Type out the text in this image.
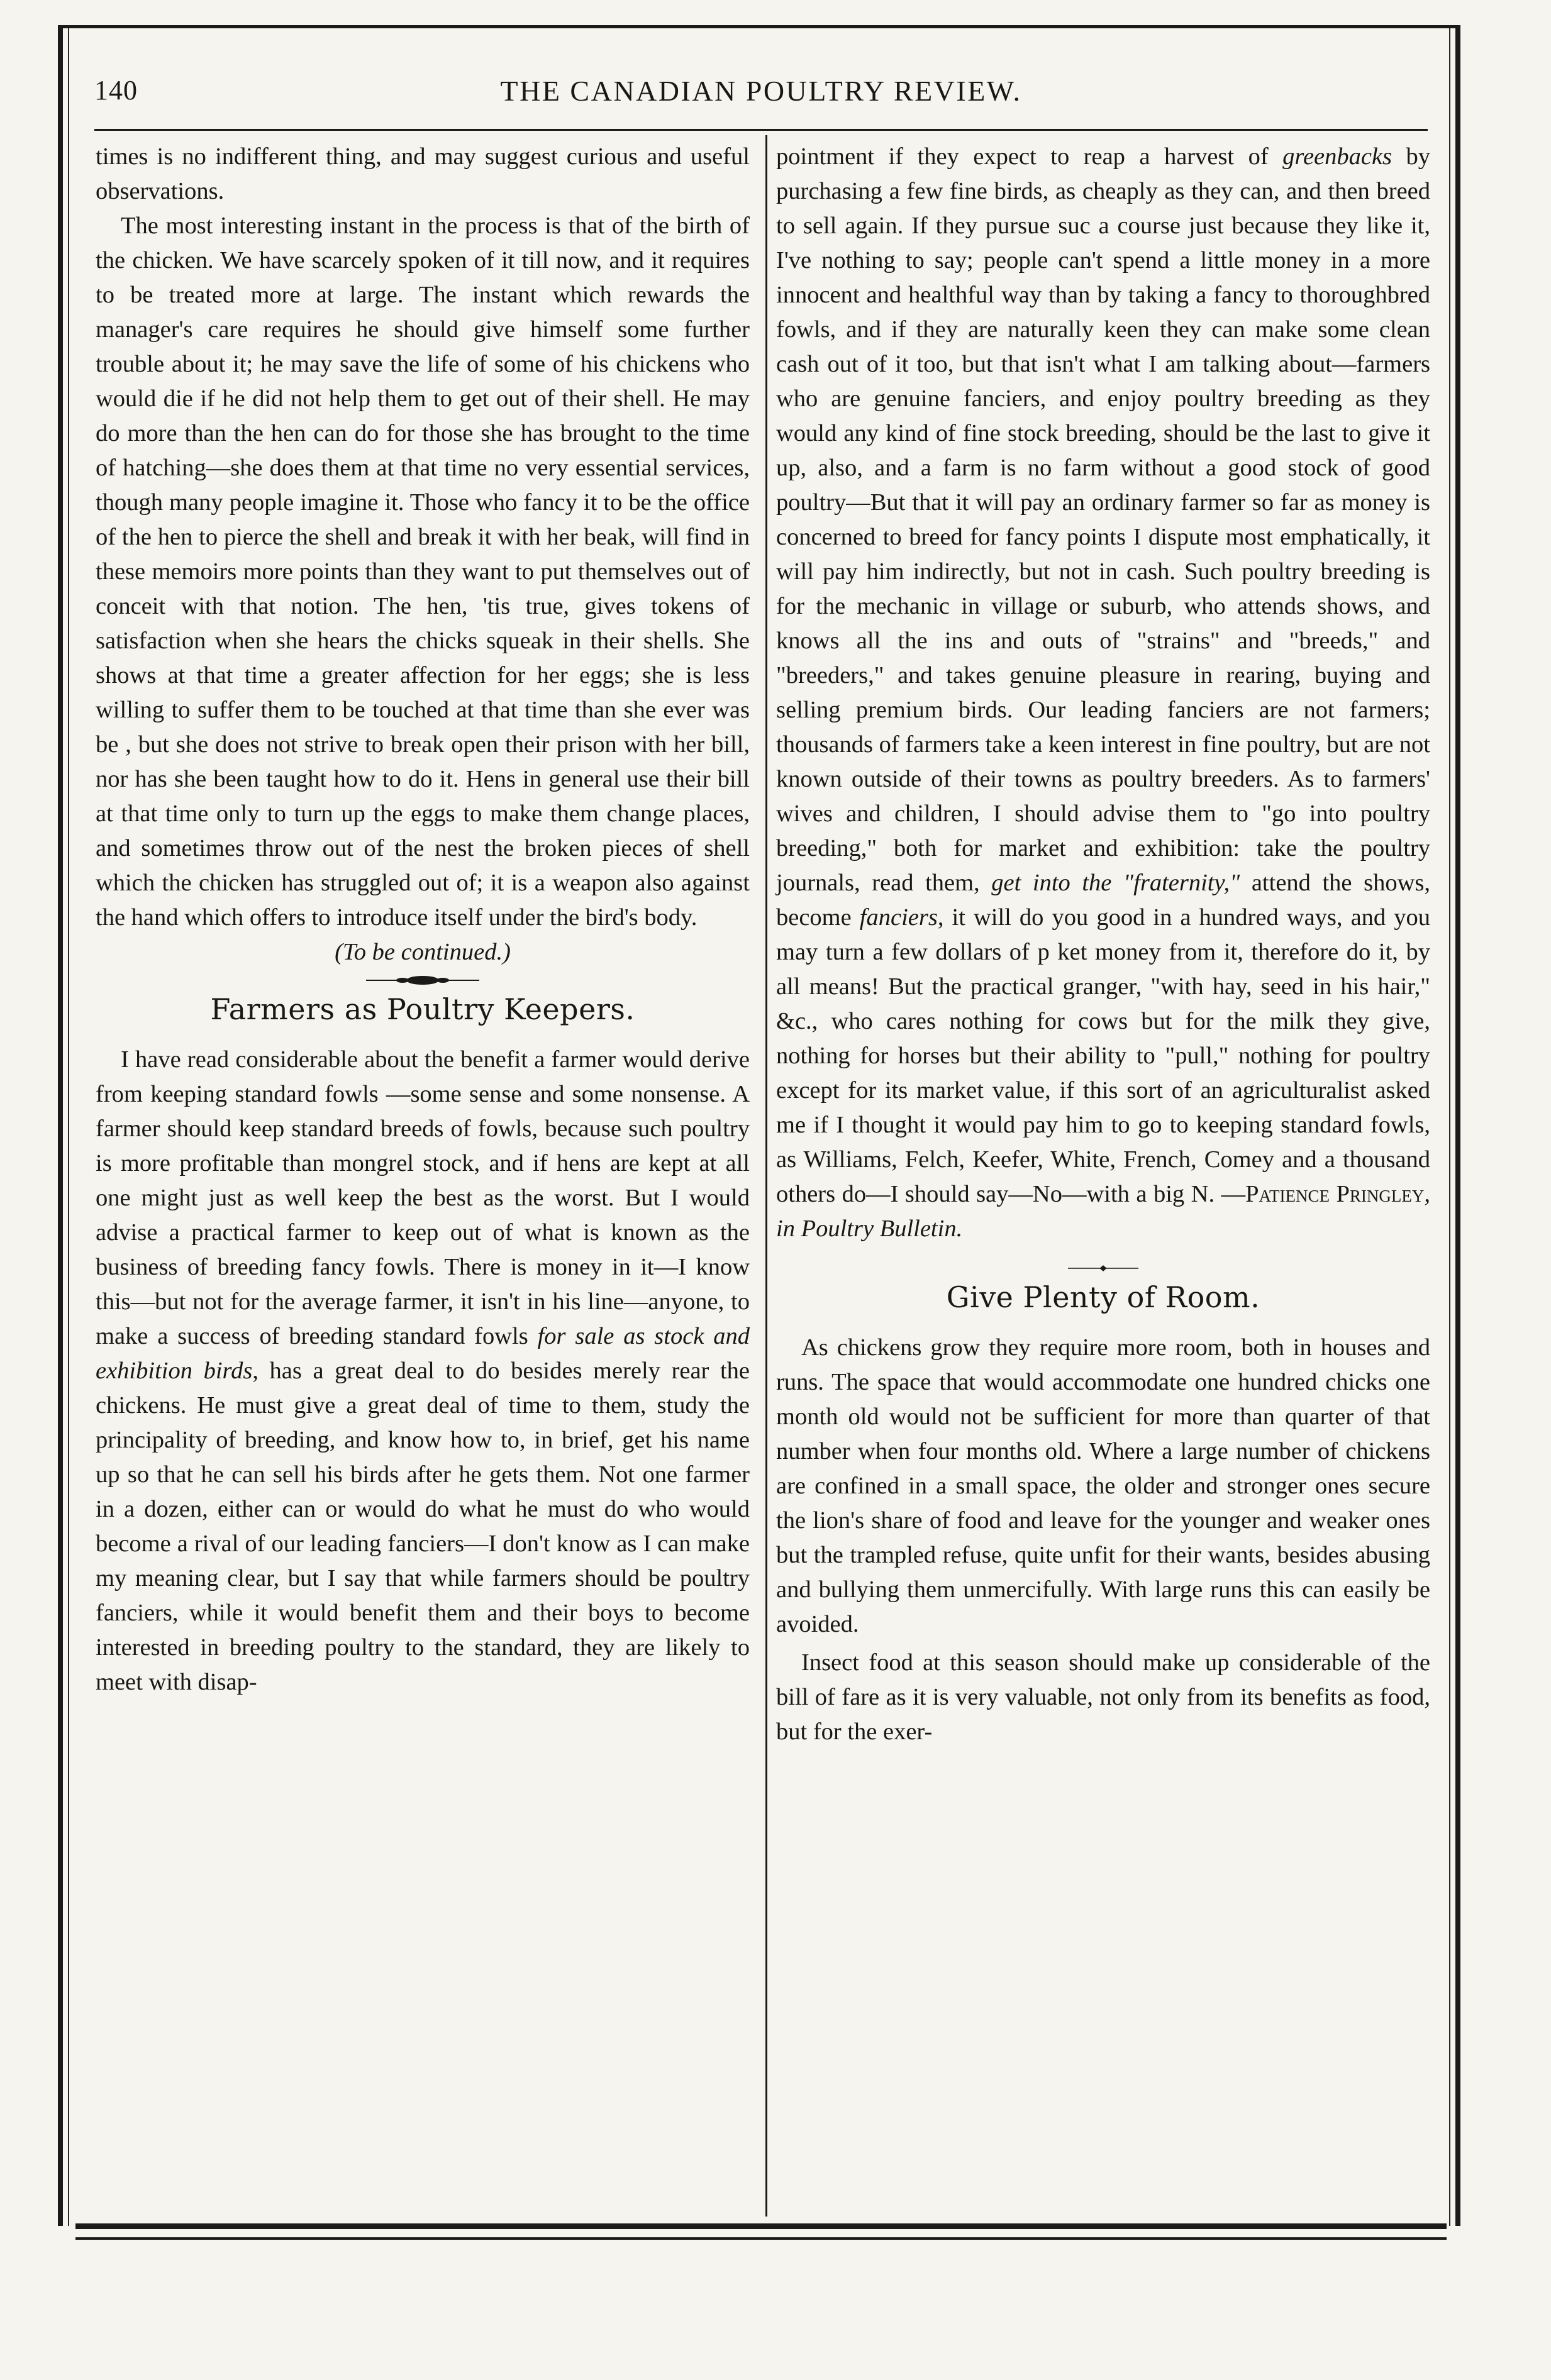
140	THE CANADIAN POULTRY REVIEW.

times is no indifferent thing, and may suggest curious and useful observations.

The most interesting instant in the process is that of the birth of the chicken. We have scarcely spoken of it till now, and it requires to be treated more at large. The instant which rewards the manager's care requires he should give himself some further trouble about it; he may save the life of some of his chickens who would die if he did not help them to get out of their shell. He may do more than the hen can do for those she has brought to the time of hatching—she does them at that time no very essential services, though many people imagine it. Those who fancy it to be the office of the hen to pierce the shell and break it with her beak, will find in these memoirs more points than they want to put themselves out of conceit with that notion. The hen, 'tis true, gives tokens of satisfaction when she hears the chicks squeak in their shells. She shows at that time a greater affection for her eggs; she is less willing to suffer them to be touched at that time than she ever was be , but she does not strive to break open their prison with her bill, nor has she been taught how to do it. Hens in general use their bill at that time only to turn up the eggs to make them change places, and sometimes throw out of the nest the broken pieces of shell which the chicken has struggled out of; it is a weapon also against the hand which offers to introduce itself under the bird's body.

(To be continued.)

Farmers as Poultry Keepers.

I have read considerable about the benefit a farmer would derive from keeping standard fowls —some sense and some nonsense. A farmer should keep standard breeds of fowls, because such poultry is more profitable than mongrel stock, and if hens are kept at all one might just as well keep the best as the worst. But I would advise a practical farmer to keep out of what is known as the business of breeding fancy fowls. There is money in it—I know this—but not for the average farmer, it isn't in his line—anyone, to make a success of breeding standard fowls for sale as stock and exhibition birds, has a great deal to do besides merely rear the chickens. He must give a great deal of time to them, study the principality of breeding, and know how to, in brief, get his name up so that he can sell his birds after he gets them. Not one farmer in a dozen, either can or would do what he must do who would become a rival of our leading fanciers—I don't know as I can make my meaning clear, but I say that while farmers should be poultry fanciers, while it would benefit them and their boys to become interested in breeding poultry to the standard, they are likely to meet with disap-

pointment if they expect to reap a harvest of greenbacks by purchasing a few fine birds, as cheaply as they can, and then breed to sell again. If they pursue suc a course just because they like it, I've nothing to say; people can't spend a little money in a more innocent and healthful way than by taking a fancy to thoroughbred fowls, and if they are naturally keen they can make some clean cash out of it too, but that isn't what I am talking about—farmers who are genuine fanciers, and enjoy poultry breeding as they would any kind of fine stock breeding, should be the last to give it up, also, and a farm is no farm without a good stock of good poultry—But that it will pay an ordinary farmer so far as money is concerned to breed for fancy points I dispute most emphatically, it will pay him indirectly, but not in cash. Such poultry breeding is for the mechanic in village or suburb, who attends shows, and knows all the ins and outs of "strains" and "breeds," and "breeders," and takes genuine pleasure in rearing, buying and selling premium birds. Our leading fanciers are not farmers; thousands of farmers take a keen interest in fine poultry, but are not known outside of their towns as poultry breeders. As to farmers' wives and children, I should advise them to "go into poultry breeding," both for market and exhibition: take the poultry journals, read them, get into the "fraternity," attend the shows, become fanciers, it will do you good in a hundred ways, and you may turn a few dollars of p ket money from it, therefore do it, by all means! But the practical granger, "with hay, seed in his hair," &c., who cares nothing for cows but for the milk they give, nothing for horses but their ability to "pull," nothing for poultry except for its market value, if this sort of an agriculturalist asked me if I thought it would pay him to go to keeping standard fowls, as Williams, Felch, Keefer, White, French, Comey and a thousand others do—I should say—No—with a big N. —Patience Pringley, in Poultry Bulletin.

Give Plenty of Room.

As chickens grow they require more room, both in houses and runs. The space that would accommodate one hundred chicks one month old would not be sufficient for more than quarter of that number when four months old. Where a large number of chickens are confined in a small space, the older and stronger ones secure the lion's share of food and leave for the younger and weaker ones but the trampled refuse, quite unfit for their wants, besides abusing and bullying them unmercifully. With large runs this can easily be avoided.

Insect food at this season should make up considerable of the bill of fare as it is very valuable, not only from its benefits as food, but for the exer-
